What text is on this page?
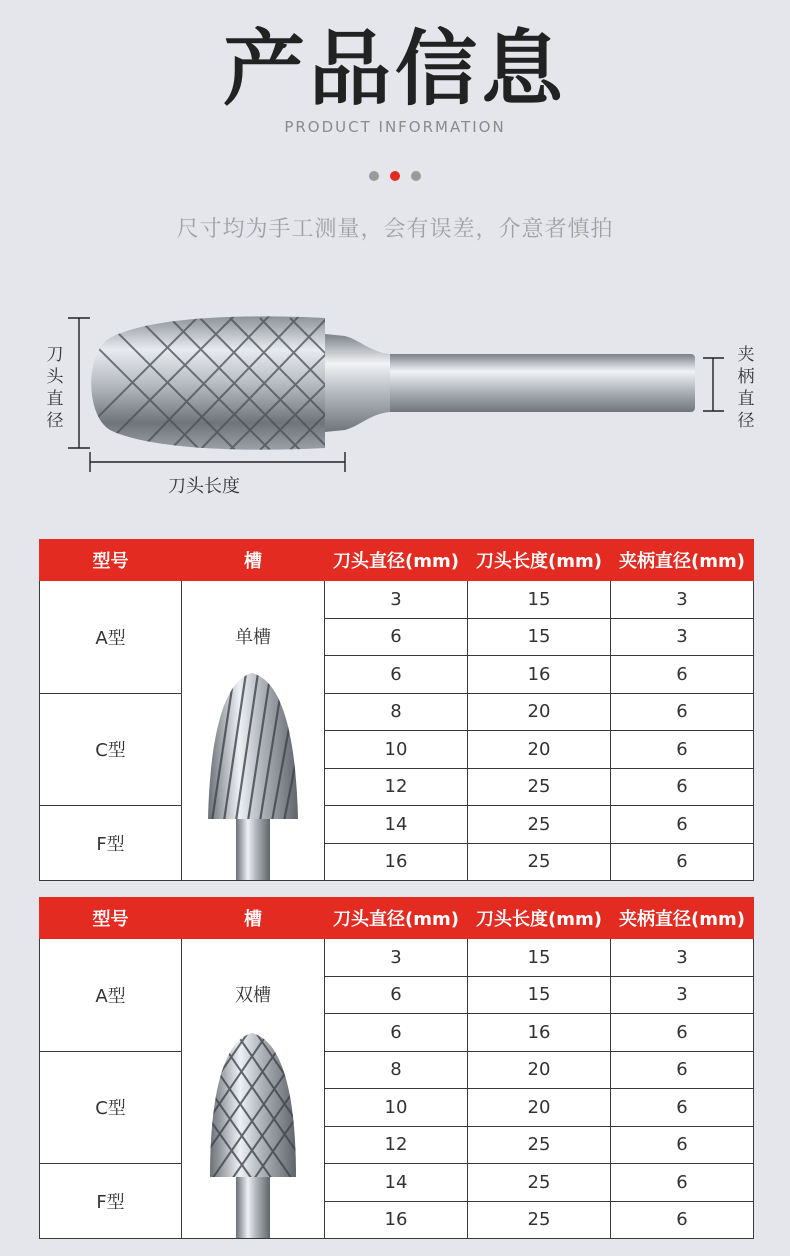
产品信息
PRODUCT INFORMATION
尺寸均为手工测量，会有误差，介意者慎拍
刀
头
直
径
夹
柄
直
径
刀头长度
型号	槽	刀头直径(mm)	刀头长度(mm)	夹柄直径(mm)
A型	单槽	3	15	3
		6	15	3
		6	16	6
C型		8	20	6
		10	20	6
		12	25	6
F型		14	25	6
		16	25	6
型号	槽	刀头直径(mm)	刀头长度(mm)	夹柄直径(mm)
A型	双槽	3	15	3
		6	15	3
		6	16	6
C型		8	20	6
		10	20	6
		12	25	6
F型		14	25	6
		16	25	6
